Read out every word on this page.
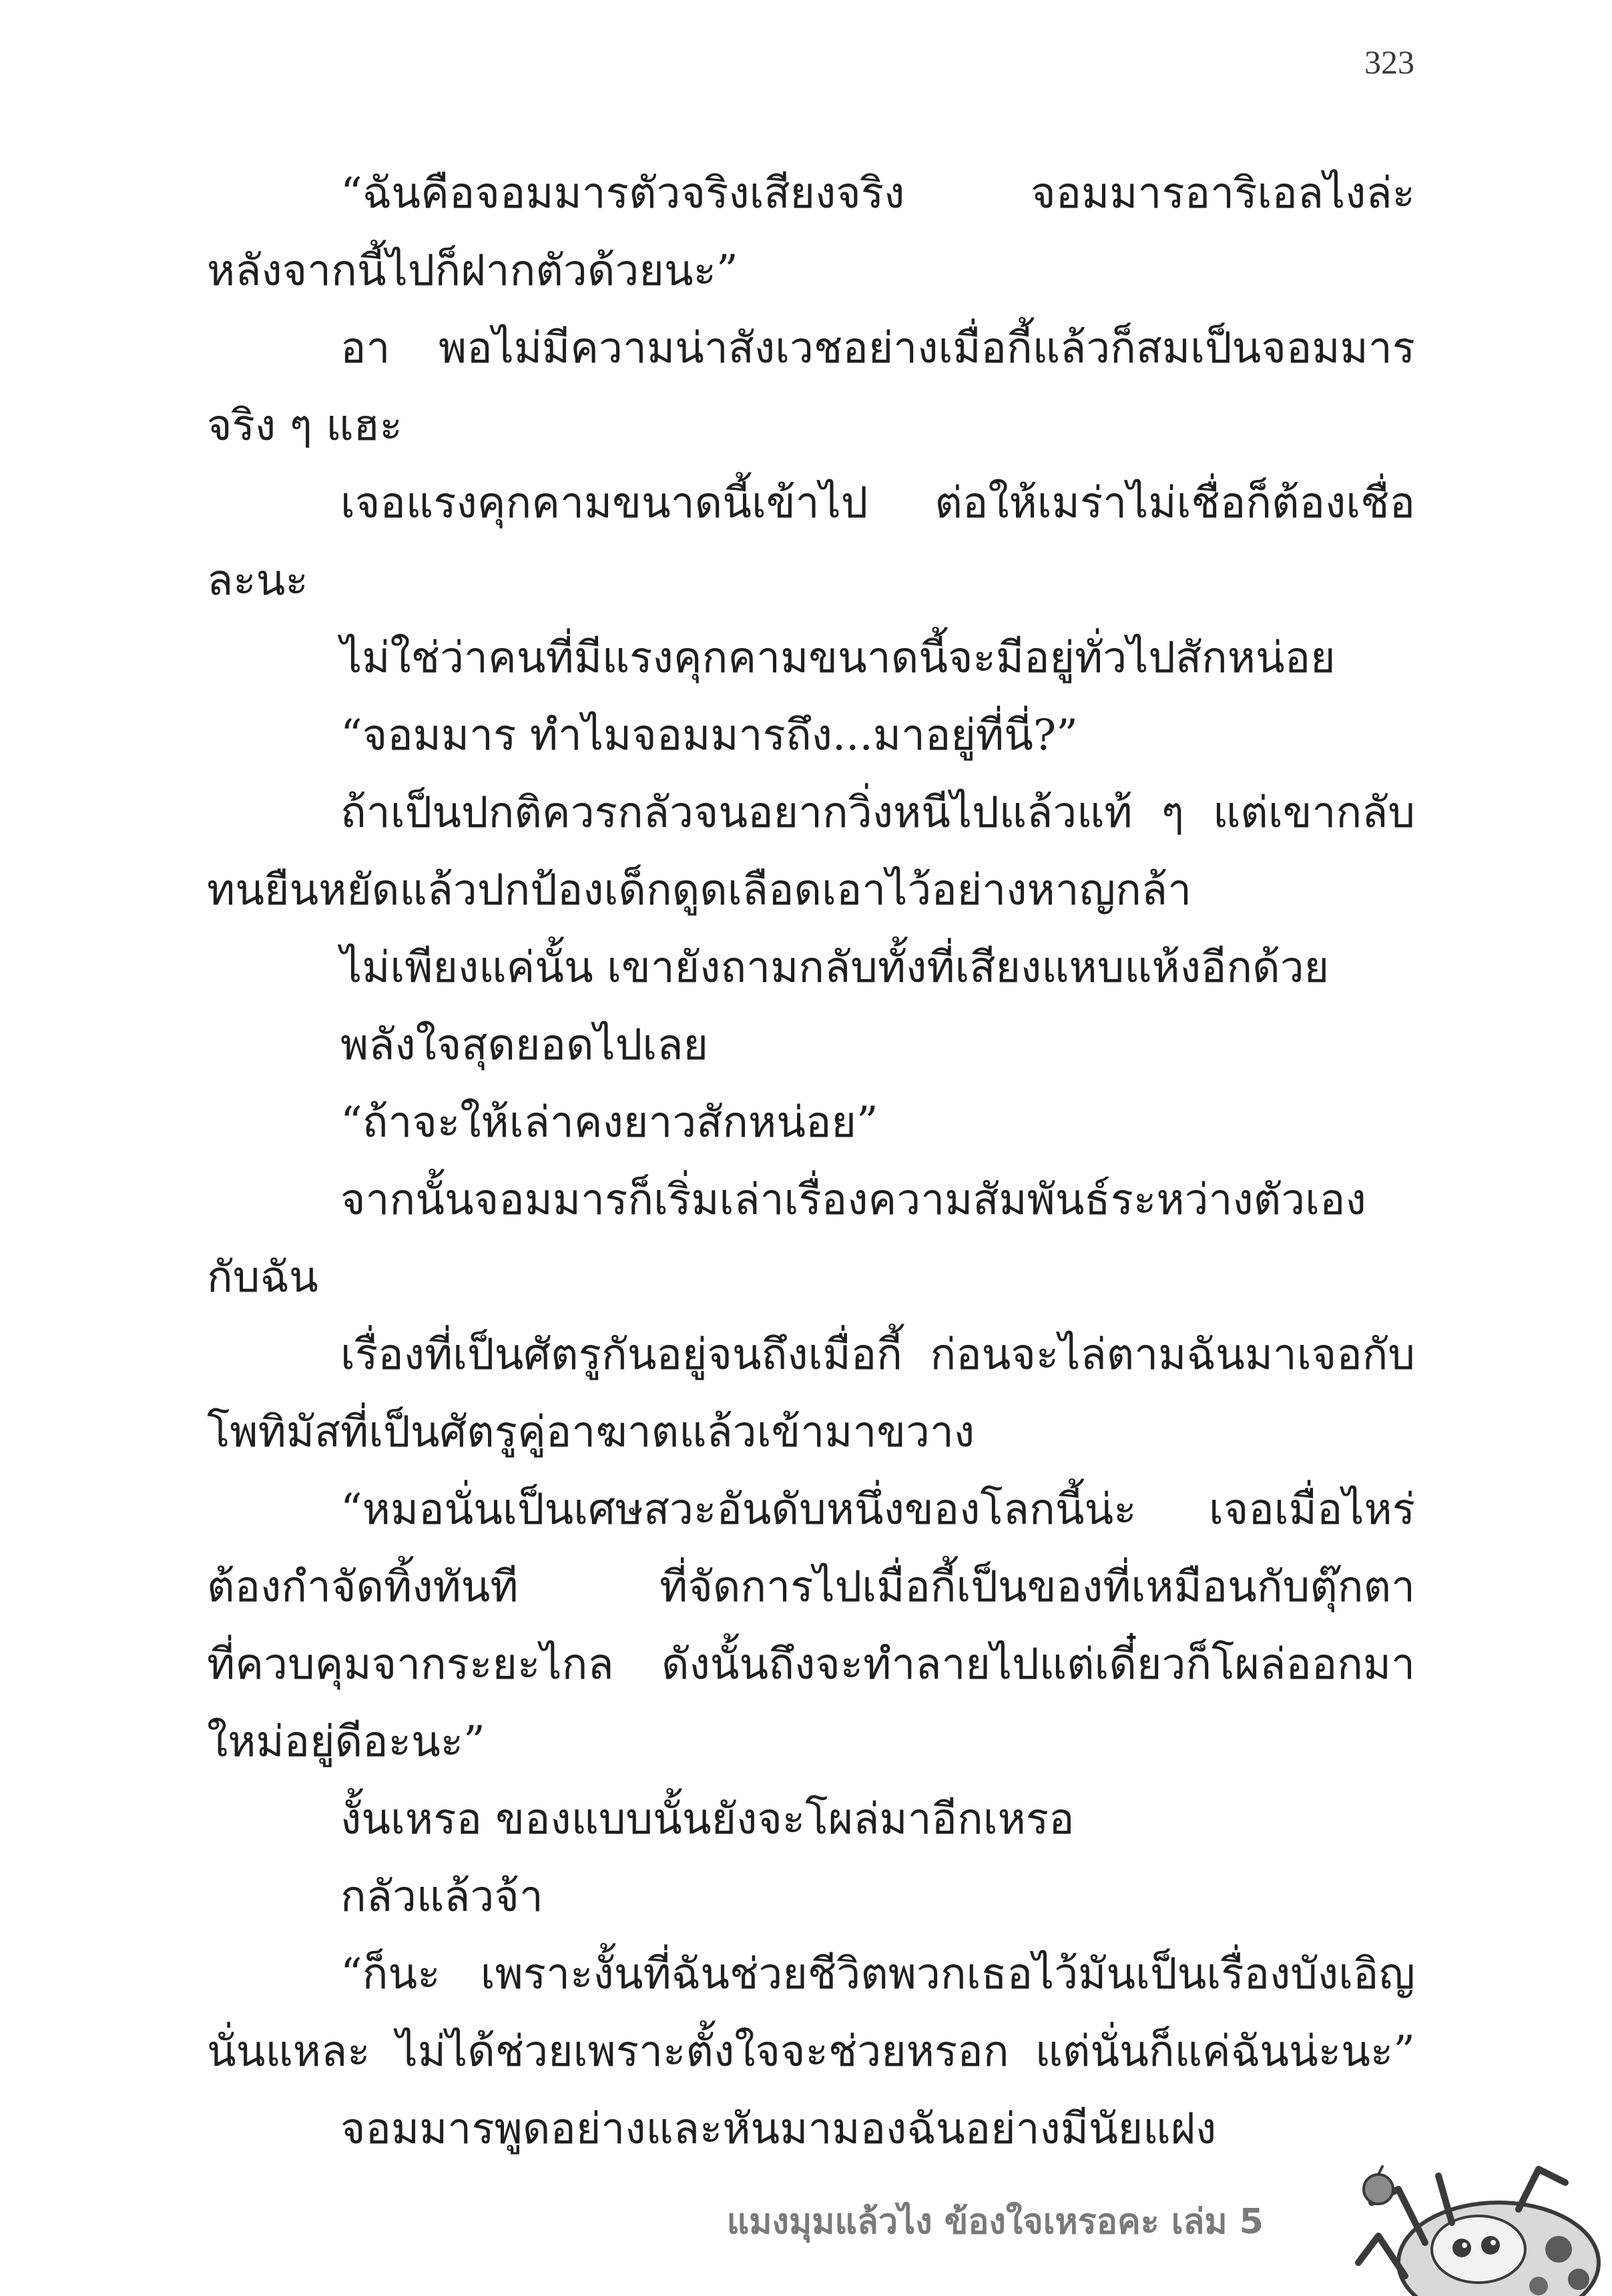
323
“ฉันคือจอมมารตัวจริงเสียงจริง จอมมารอาริเอลไงล่ะ
หลังจากนี้ไปก็ฝากตัวด้วยนะ”
อา พอไม่มีความน่าสังเวชอย่างเมื่อกี้แล้วก็สมเป็นจอมมาร
จริง ๆ แฮะ
เจอแรงคุกคามขนาดนี้เข้าไป ต่อให้เมร่าไม่เชื่อก็ต้องเชื่อ
ละนะ
ไม่ใช่ว่าคนที่มีแรงคุกคามขนาดนี้จะมีอยู่ทั่วไปสักหน่อย
“จอมมาร ทำไมจอมมารถึง...มาอยู่ที่นี่?”
ถ้าเป็นปกติควรกลัวจนอยากวิ่งหนีไปแล้วแท้ ๆ แต่เขากลับ
ทนยืนหยัดแล้วปกป้องเด็กดูดเลือดเอาไว้อย่างหาญกล้า
ไม่เพียงแค่นั้น เขายังถามกลับทั้งที่เสียงแหบแห้งอีกด้วย
พลังใจสุดยอดไปเลย
“ถ้าจะให้เล่าคงยาวสักหน่อย”
จากนั้นจอมมารก็เริ่มเล่าเรื่องความสัมพันธ์ระหว่างตัวเอง
กับฉัน
เรื่องที่เป็นศัตรูกันอยู่จนถึงเมื่อกี้ ก่อนจะไล่ตามฉันมาเจอกับ
โพทิมัสที่เป็นศัตรูคู่อาฆาตแล้วเข้ามาขวาง
“หมอนั่นเป็นเศษสวะอันดับหนึ่งของโลกนี้น่ะ เจอเมื่อไหร่
ต้องกำจัดทิ้งทันที ที่จัดการไปเมื่อกี้เป็นของที่เหมือนกับตุ๊กตา
ที่ควบคุมจากระยะไกล ดังนั้นถึงจะทำลายไปแต่เดี๋ยวก็โผล่ออกมา
ใหม่อยู่ดีอะนะ”
งั้นเหรอ ของแบบนั้นยังจะโผล่มาอีกเหรอ
กลัวแล้วจ้า
“ก็นะ เพราะงั้นที่ฉันช่วยชีวิตพวกเธอไว้มันเป็นเรื่องบังเอิญ
นั่นแหละ ไม่ได้ช่วยเพราะตั้งใจจะช่วยหรอก แต่นั่นก็แค่ฉันน่ะนะ”
จอมมารพูดอย่างและหันมามองฉันอย่างมีนัยแฝง
แมงมุมแล้วไง ข้องใจเหรอคะ เล่ม 5
